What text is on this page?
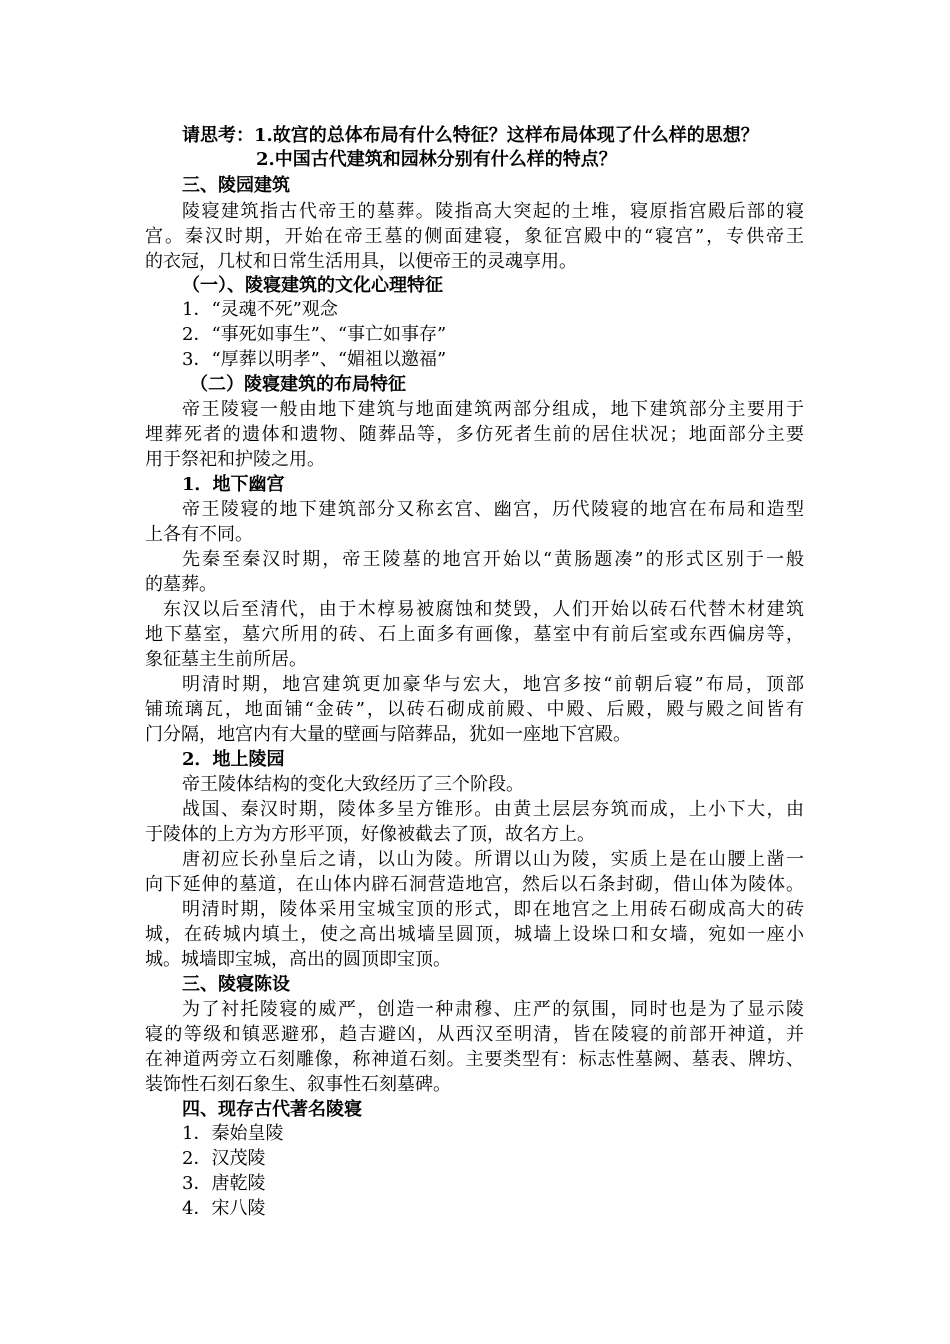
请思考：1.故宫的总体布局有什么特征？这样布局体现了什么样的思想？
2.中国古代建筑和园林分别有什么样的特点？
三、陵园建筑
陵寝建筑指古代帝王的墓葬。陵指高大突起的土堆，寝原指宫殿后部的寝
宫。秦汉时期，开始在帝王墓的侧面建寝，象征宫殿中的“寝宫”，专供帝王
的衣冠，几杖和日常生活用具，以便帝王的灵魂享用。
（一）、陵寝建筑的文化心理特征
1．“灵魂不死”观念
2．“事死如事生”、“事亡如事存”
3．“厚葬以明孝”、“媚祖以邀福”
（二）陵寝建筑的布局特征
帝王陵寝一般由地下建筑与地面建筑两部分组成，地下建筑部分主要用于
埋葬死者的遗体和遗物、随葬品等，多仿死者生前的居住状况；地面部分主要
用于祭祀和护陵之用。
1．地下幽宫
帝王陵寝的地下建筑部分又称玄宫、幽宫，历代陵寝的地宫在布局和造型
上各有不同。
先秦至秦汉时期，帝王陵墓的地宫开始以“黄肠题凑”的形式区别于一般
的墓葬。
东汉以后至清代，由于木椁易被腐蚀和焚毁，人们开始以砖石代替木材建筑
地下墓室，墓穴所用的砖、石上面多有画像，墓室中有前后室或东西偏房等，
象征墓主生前所居。
明清时期，地宫建筑更加豪华与宏大，地宫多按“前朝后寝”布局，顶部
铺琉璃瓦，地面铺“金砖”，以砖石砌成前殿、中殿、后殿，殿与殿之间皆有
门分隔，地宫内有大量的壁画与陪葬品，犹如一座地下宫殿。
2．地上陵园
帝王陵体结构的变化大致经历了三个阶段。
战国、秦汉时期，陵体多呈方锥形。由黄土层层夯筑而成，上小下大，由
于陵体的上方为方形平顶，好像被截去了顶，故名方上。
唐初应长孙皇后之请，以山为陵。所谓以山为陵，实质上是在山腰上凿一
向下延伸的墓道，在山体内辟石洞营造地宫，然后以石条封砌，借山体为陵体。
明清时期，陵体采用宝城宝顶的形式，即在地宫之上用砖石砌成高大的砖
城，在砖城内填土，使之高出城墙呈圆顶，城墙上设垛口和女墙，宛如一座小
城。城墙即宝城，高出的圆顶即宝顶。
三、陵寝陈设
为了衬托陵寝的威严，创造一种肃穆、庄严的氛围，同时也是为了显示陵
寝的等级和镇恶避邪，趋吉避凶，从西汉至明清，皆在陵寝的前部开神道，并
在神道两旁立石刻雕像，称神道石刻。主要类型有：标志性墓阙、墓表、牌坊、
装饰性石刻石象生、叙事性石刻墓碑。
四、现存古代著名陵寝
1．秦始皇陵
2．汉茂陵
3．唐乾陵
4．宋八陵
